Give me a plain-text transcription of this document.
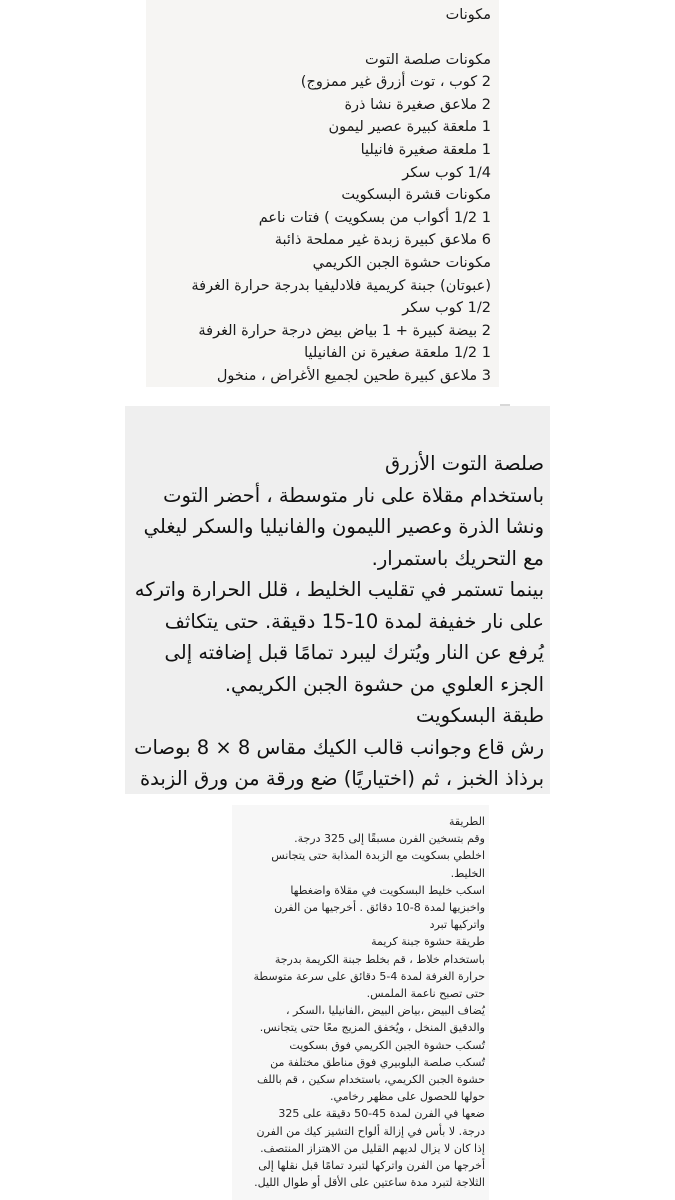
مكونات

مكونات صلصة التوت

2 كوب ، توت أزرق غير ممزوج)

2 ملاعق صغيرة نشا ذرة

1 ملعقة كبيرة عصير ليمون

1 ملعقة صغيرة فانيليا

1/4 كوب سكر

مكونات قشرة البسكويت

1 1/2 أكواب من بسكويت ) فتات ناعم

6 ملاعق كبيرة زبدة غير مملحة ذائبة

مكونات حشوة الجبن الكريمي

(عبوتان) جبنة كريمية فلادليفيا بدرجة حرارة الغرفة

1/2 كوب سكر

2 بيضة كبيرة + 1 بياض بيض درجة حرارة الغرفة

1 1/2 ملعقة صغيرة نن الفانيليا

3 ملاعق كبيرة طحين لجميع الأغراض ، منخول

صلصة التوت الأزرق

باستخدام مقلاة على نار متوسطة ، أحضر التوت

ونشا الذرة وعصير الليمون والفانيليا والسكر ليغلي

مع التحريك باستمرار.

بينما تستمر في تقليب الخليط ، قلل الحرارة واتركه

على نار خفيفة لمدة 10-15 دقيقة. حتى يتكاثف

يُرفع عن النار ويُترك ليبرد تمامًا قبل إضافته إلى

الجزء العلوي من حشوة الجبن الكريمي.

طبقة البسكويت

رش قاع وجوانب قالب الكيك مقاس 8 × 8 بوصات

برذاذ الخبز ، ثم (اختياريًا) ضع ورقة من ورق الزبدة

الطريقة

وقم بتسخين الفرن مسبقًا إلى 325 درجة.

اخلطي بسكويت مع الزبدة المذابة حتى يتجانس

الخليط.

اسكب خليط البسكويت في مقلاة واضغطها

واخبزيها لمدة 8-10 دقائق . أخرجيها من الفرن

واتركيها تبرد

طريقة حشوة جبنة كريمة

باستخدام خلاط ، قم بخلط جبنة الكريمة بدرجة

حرارة الغرفة لمدة 4-5 دقائق على سرعة متوسطة

حتى تصبح ناعمة الملمس.

يُضاف البيض ،بياض البيض ،الفانيليا ،السكر ،

والدقيق المنخل ، ويُخفق المزيج معًا حتى يتجانس.

تُسكب حشوة الجبن الكريمي فوق بسكويت

تُسكب صلصة البلوبيري فوق مناطق مختلفة من

حشوة الجبن الكريمي، باستخدام سكين ، قم باللف

حولها للحصول على مظهر رخامي.

ضعها في الفرن لمدة 45-50 دقيقة على 325

درجة. لا بأس في إزالة ألواح التشيز كيك من الفرن

إذا كان لا يزال لديهم القليل من الاهتزاز المنتصف.

أخرجها من الفرن واتركها لتبرد تمامًا قبل نقلها إلى

الثلاجة لتبرد مدة ساعتين على الأقل أو طوال الليل.
